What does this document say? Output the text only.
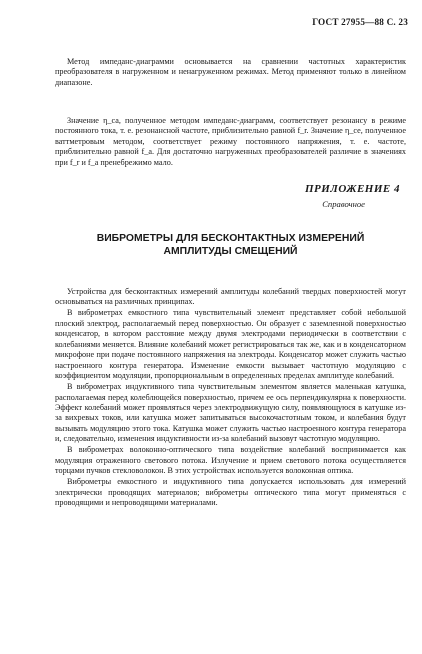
ГОСТ 27955—88 С. 23

Метод импеданс-диаграмми основывается на сравнении частотных характеристик преобразователя в нагруженном и ненагруженном режимах. Метод применяют только в линейном диапазоне.

Значение η_са, полученное методом импеданс-диаграмм, соответствует резонансу в режиме постоянного тока, т. е. резонансной частоте, приблизительно равной f_r. Значение η_се, полученное ваттметровым методом, соответствует режиму постоянного напряжения, т. е. частоте, приблизительно равной f_а. Для достаточно нагруженных преобразователей различие в значениях при f_r и f_а пренебрежимо мало.

ПРИЛОЖЕНИЕ 4
Справочное
ВИБРОМЕТРЫ ДЛЯ БЕСКОНТАКТНЫХ ИЗМЕРЕНИЙ
АМПЛИТУДЫ СМЕЩЕНИЙ

Устройства для бесконтактных измерений амплитуды колебаний твердых поверхностей могут основываться на различных принципах.

В виброметрах емкостного типа чувствительный элемент представляет собой небольшой плоский электрод, располагаемый перед поверхностью. Он образует с заземленной поверхностью конденсатор, в котором расстояние между двумя электродами периодически в соответствии с колебаниями меняется. Влияние колебаний может регистрироваться так же, как и в конденсаторном микрофоне при подаче постоянного напряжения на электроды. Конденсатор может служить частью настроенного контура генератора. Изменение емкости вызывает частотную модуляцию с коэффициентом модуляции, пропорциональным в определенных пределах амплитуде колебаний.

В виброметрах индуктивного типа чувствительным элементом является маленькая катушка, располагаемая перед колеблющейся поверхностью, причем ее ось перпендикулярна к поверхности. Эффект колебаний может проявляться через электродвижущую силу, появляющуюся в катушке из-за вихревых токов, или катушка может запитываться высокочастотным током, и колебания будут вызывать модуляцию этого тока. Катушка может служить частью настроенного контура генератора и, следовательно, изменения индуктивности из-за колебаний вызовут частотную модуляцию.

В виброметрах волоконно-оптического типа воздействие колебаний воспринимается как модуляция отраженного светового потока. Излучение и прием светового потока осуществляется торцами пучков стекловолокон. В этих устройствах используется волоконная оптика.

Виброметры емкостного и индуктивного типа допускается использовать для измерений электрически проводящих материалов; виброметры оптического типа могут применяться с проводящими и непроводящими материалами.
